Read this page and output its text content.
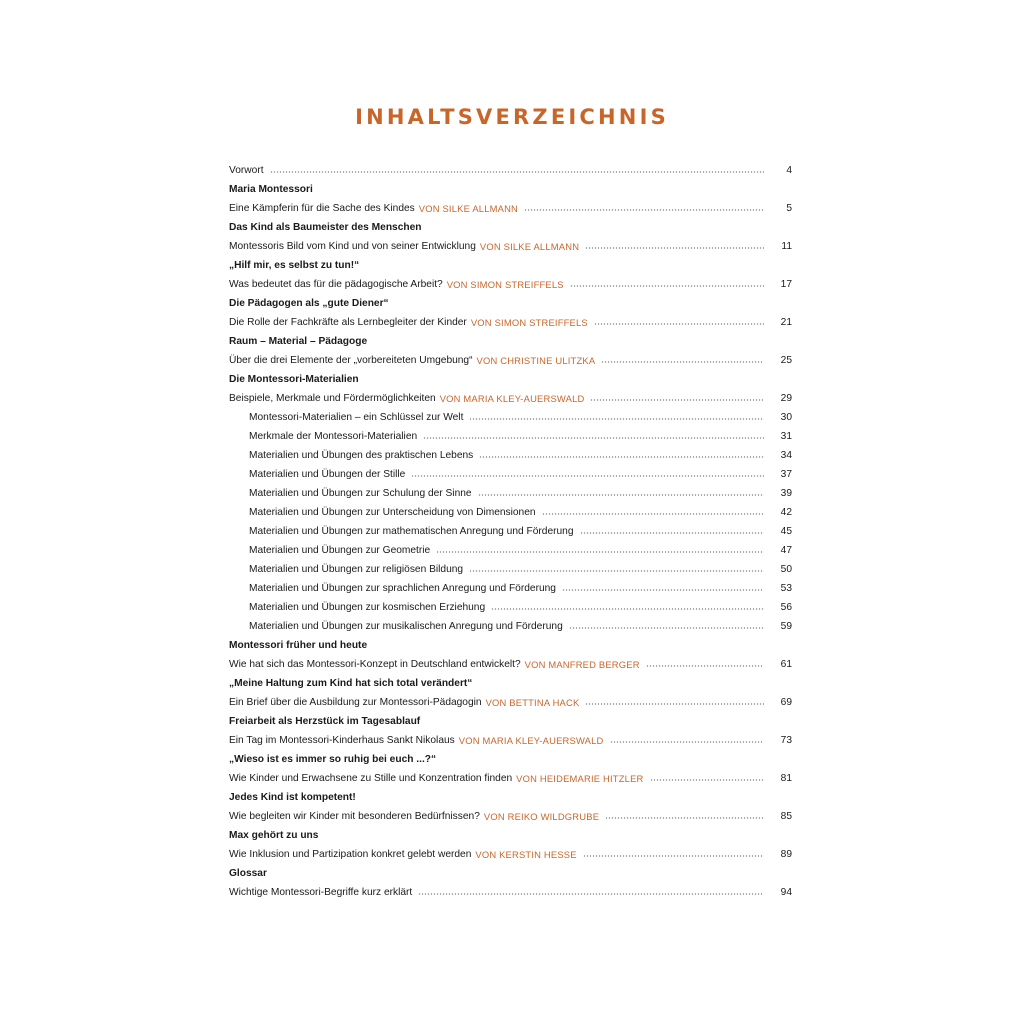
INHALTSVERZEICHNIS
Vorwort	4
Maria Montessori
Eine Kämpferin für die Sache des Kindes VON SILKE ALLMANN	5
Das Kind als Baumeister des Menschen
Montessoris Bild vom Kind und von seiner Entwicklung VON SILKE ALLMANN	11
„Hilf mir, es selbst zu tun!“
Was bedeutet das für die pädagogische Arbeit? VON SIMON STREIFFELS	17
Die Pädagogen als „gute Diener“
Die Rolle der Fachkräfte als Lernbegleiter der Kinder VON SIMON STREIFFELS	21
Raum – Material – Pädagoge
Über die drei Elemente der „vorbereiteten Umgebung“ VON CHRISTINE ULITZKA	25
Die Montessori-Materialien
Beispiele, Merkmale und Fördermöglichkeiten VON MARIA KLEY-AUERSWALD	29
Montessori-Materialien – ein Schlüssel zur Welt	30
Merkmale der Montessori-Materialien	31
Materialien und Übungen des praktischen Lebens	34
Materialien und Übungen der Stille	37
Materialien und Übungen zur Schulung der Sinne	39
Materialien und Übungen zur Unterscheidung von Dimensionen	42
Materialien und Übungen zur mathematischen Anregung und Förderung	45
Materialien und Übungen zur Geometrie	47
Materialien und Übungen zur religiösen Bildung	50
Materialien und Übungen zur sprachlichen Anregung und Förderung	53
Materialien und Übungen zur kosmischen Erziehung	56
Materialien und Übungen zur musikalischen Anregung und Förderung	59
Montessori früher und heute
Wie hat sich das Montessori-Konzept in Deutschland entwickelt? VON MANFRED BERGER	61
„Meine Haltung zum Kind hat sich total verändert“
Ein Brief über die Ausbildung zur Montessori-Pädagogin VON BETTINA HACK	69
Freiarbeit als Herzstück im Tagesablauf
Ein Tag im Montessori-Kinderhaus Sankt Nikolaus VON MARIA KLEY-AUERSWALD	73
„Wieso ist es immer so ruhig bei euch ...?“
Wie Kinder und Erwachsene zu Stille und Konzentration finden VON HEIDEMARIE HITZLER	81
Jedes Kind ist kompetent!
Wie begleiten wir Kinder mit besonderen Bedürfnissen? VON REIKO WILDGRUBE	85
Max gehört zu uns
Wie Inklusion und Partizipation konkret gelebt werden VON KERSTIN HESSE	89
Glossar
Wichtige Montessori-Begriffe kurz erklärt	94
